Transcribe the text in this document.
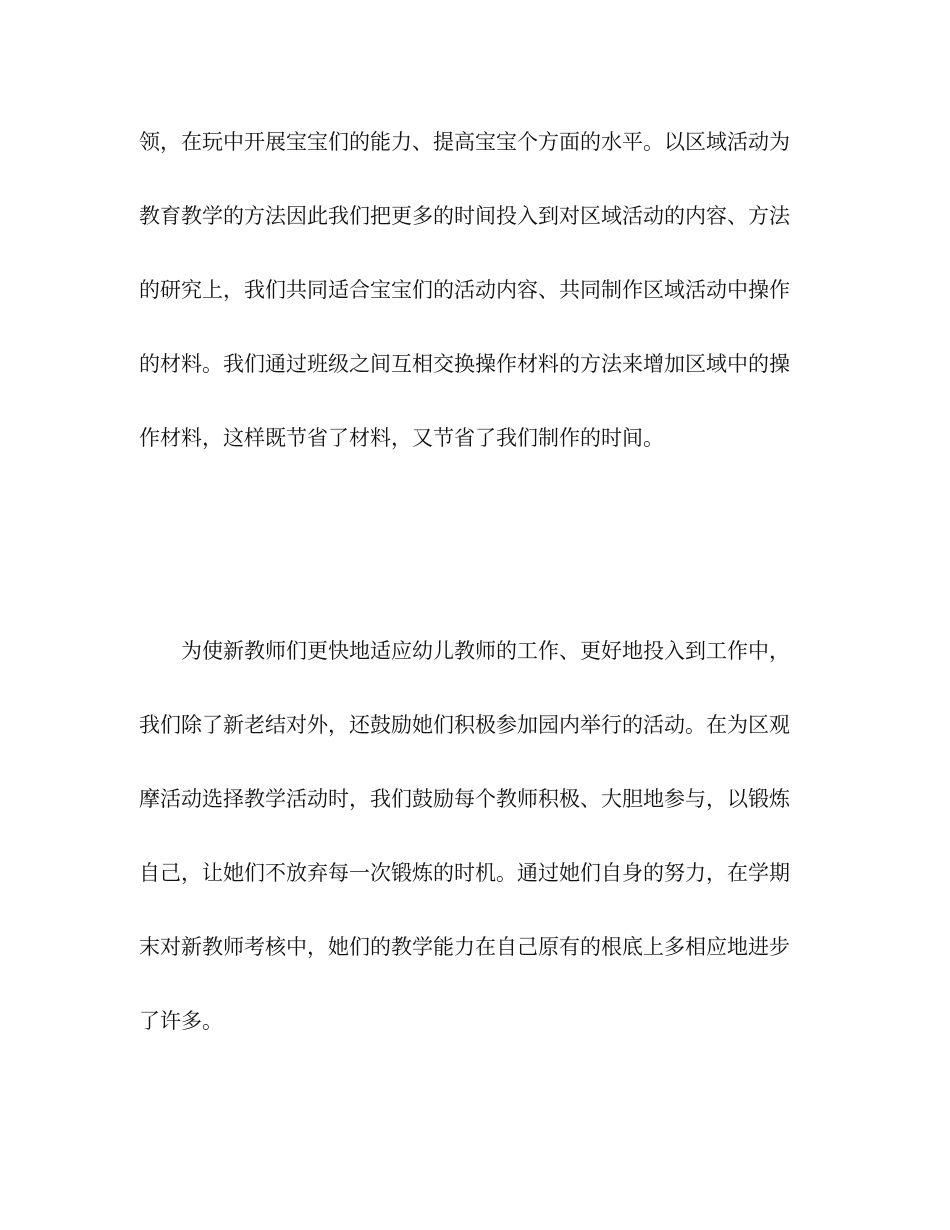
领，在玩中开展宝宝们的能力、提高宝宝个方面的水平。以区域活动为
教育教学的方法因此我们把更多的时间投入到对区域活动的内容、方法
的研究上，我们共同适合宝宝们的活动内容、共同制作区域活动中操作
的材料。我们通过班级之间互相交换操作材料的方法来增加区域中的操
作材料，这样既节省了材料，又节省了我们制作的时间。
为使新教师们更快地适应幼儿教师的工作、更好地投入到工作中，
我们除了新老结对外，还鼓励她们积极参加园内举行的活动。在为区观
摩活动选择教学活动时，我们鼓励每个教师积极、大胆地参与，以锻炼
自己，让她们不放弃每一次锻炼的时机。通过她们自身的努力，在学期
末对新教师考核中，她们的教学能力在自己原有的根底上多相应地进步
了许多。
